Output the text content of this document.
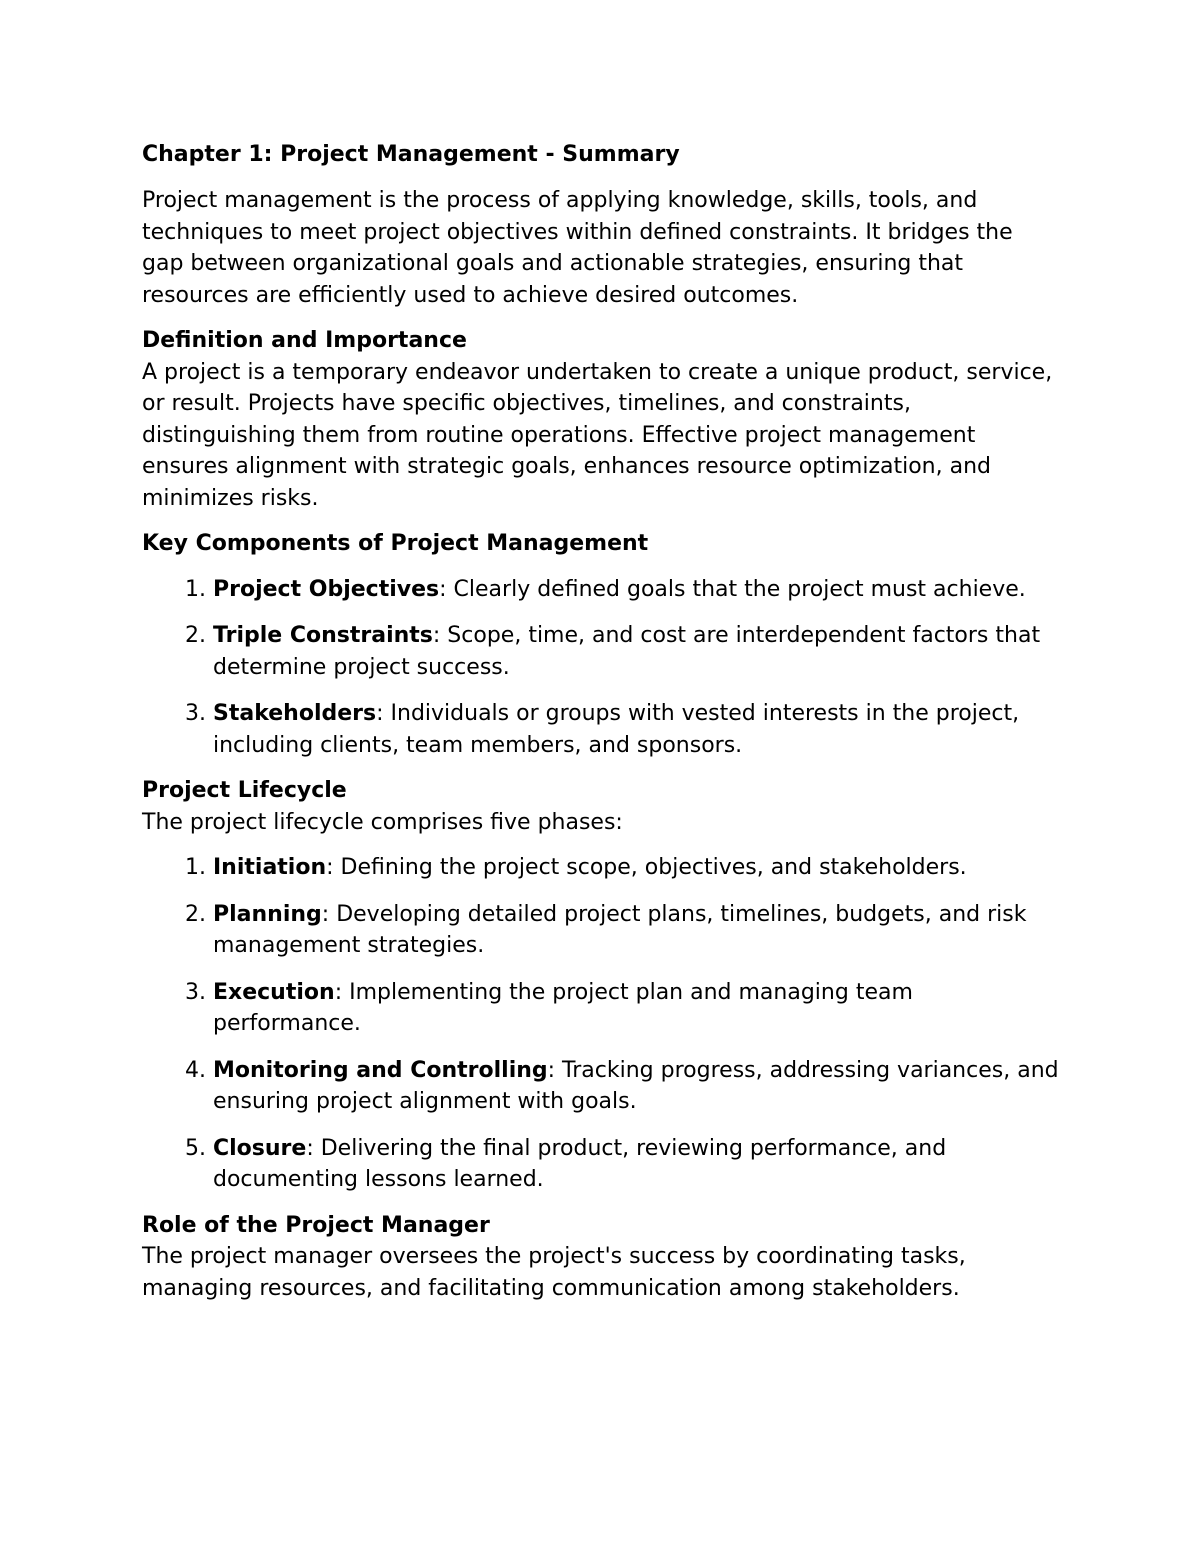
Chapter 1: Project Management - Summary

Project management is the process of applying knowledge, skills, tools, and techniques to meet project objectives within defined constraints. It bridges the gap between organizational goals and actionable strategies, ensuring that resources are efficiently used to achieve desired outcomes.

Definition and Importance

A project is a temporary endeavor undertaken to create a unique product, service, or result. Projects have specific objectives, timelines, and constraints, distinguishing them from routine operations. Effective project management ensures alignment with strategic goals, enhances resource optimization, and minimizes risks.

Key Components of Project Management

1. Project Objectives: Clearly defined goals that the project must achieve.
2. Triple Constraints: Scope, time, and cost are interdependent factors that determine project success.
3. Stakeholders: Individuals or groups with vested interests in the project, including clients, team members, and sponsors.

Project Lifecycle

The project lifecycle comprises five phases:

1. Initiation: Defining the project scope, objectives, and stakeholders.
2. Planning: Developing detailed project plans, timelines, budgets, and risk management strategies.
3. Execution: Implementing the project plan and managing team performance.
4. Monitoring and Controlling: Tracking progress, addressing variances, and ensuring project alignment with goals.
5. Closure: Delivering the final product, reviewing performance, and documenting lessons learned.

Role of the Project Manager

The project manager oversees the project's success by coordinating tasks, managing resources, and facilitating communication among stakeholders.
